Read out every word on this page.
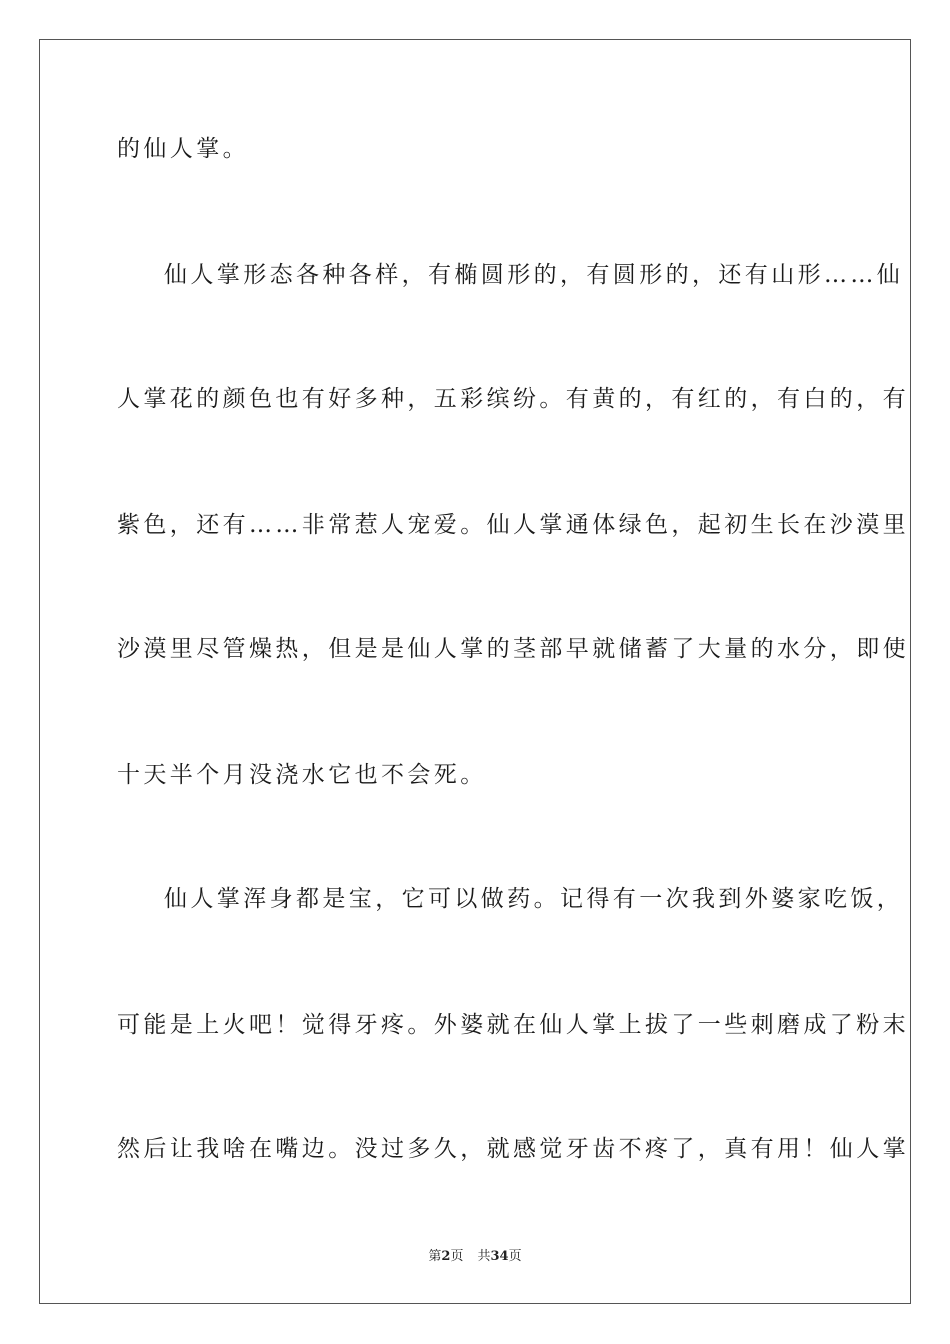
的仙人掌。
仙人掌形态各种各样，有椭圆形的，有圆形的，还有山形……仙
人掌花的颜色也有好多种，五彩缤纷。有黄的，有红的，有白的，有
紫色，还有……非常惹人宠爱。仙人掌通体绿色，起初生长在沙漠里
沙漠里尽管燥热，但是是仙人掌的茎部早就储蓄了大量的水分，即使
十天半个月没浇水它也不会死。
仙人掌浑身都是宝，它可以做药。记得有一次我到外婆家吃饭，
可能是上火吧！觉得牙疼。外婆就在仙人掌上拔了一些刺磨成了粉末
然后让我啥在嘴边。没过多久，就感觉牙齿不疼了，真有用！仙人掌
第2页 共34页
